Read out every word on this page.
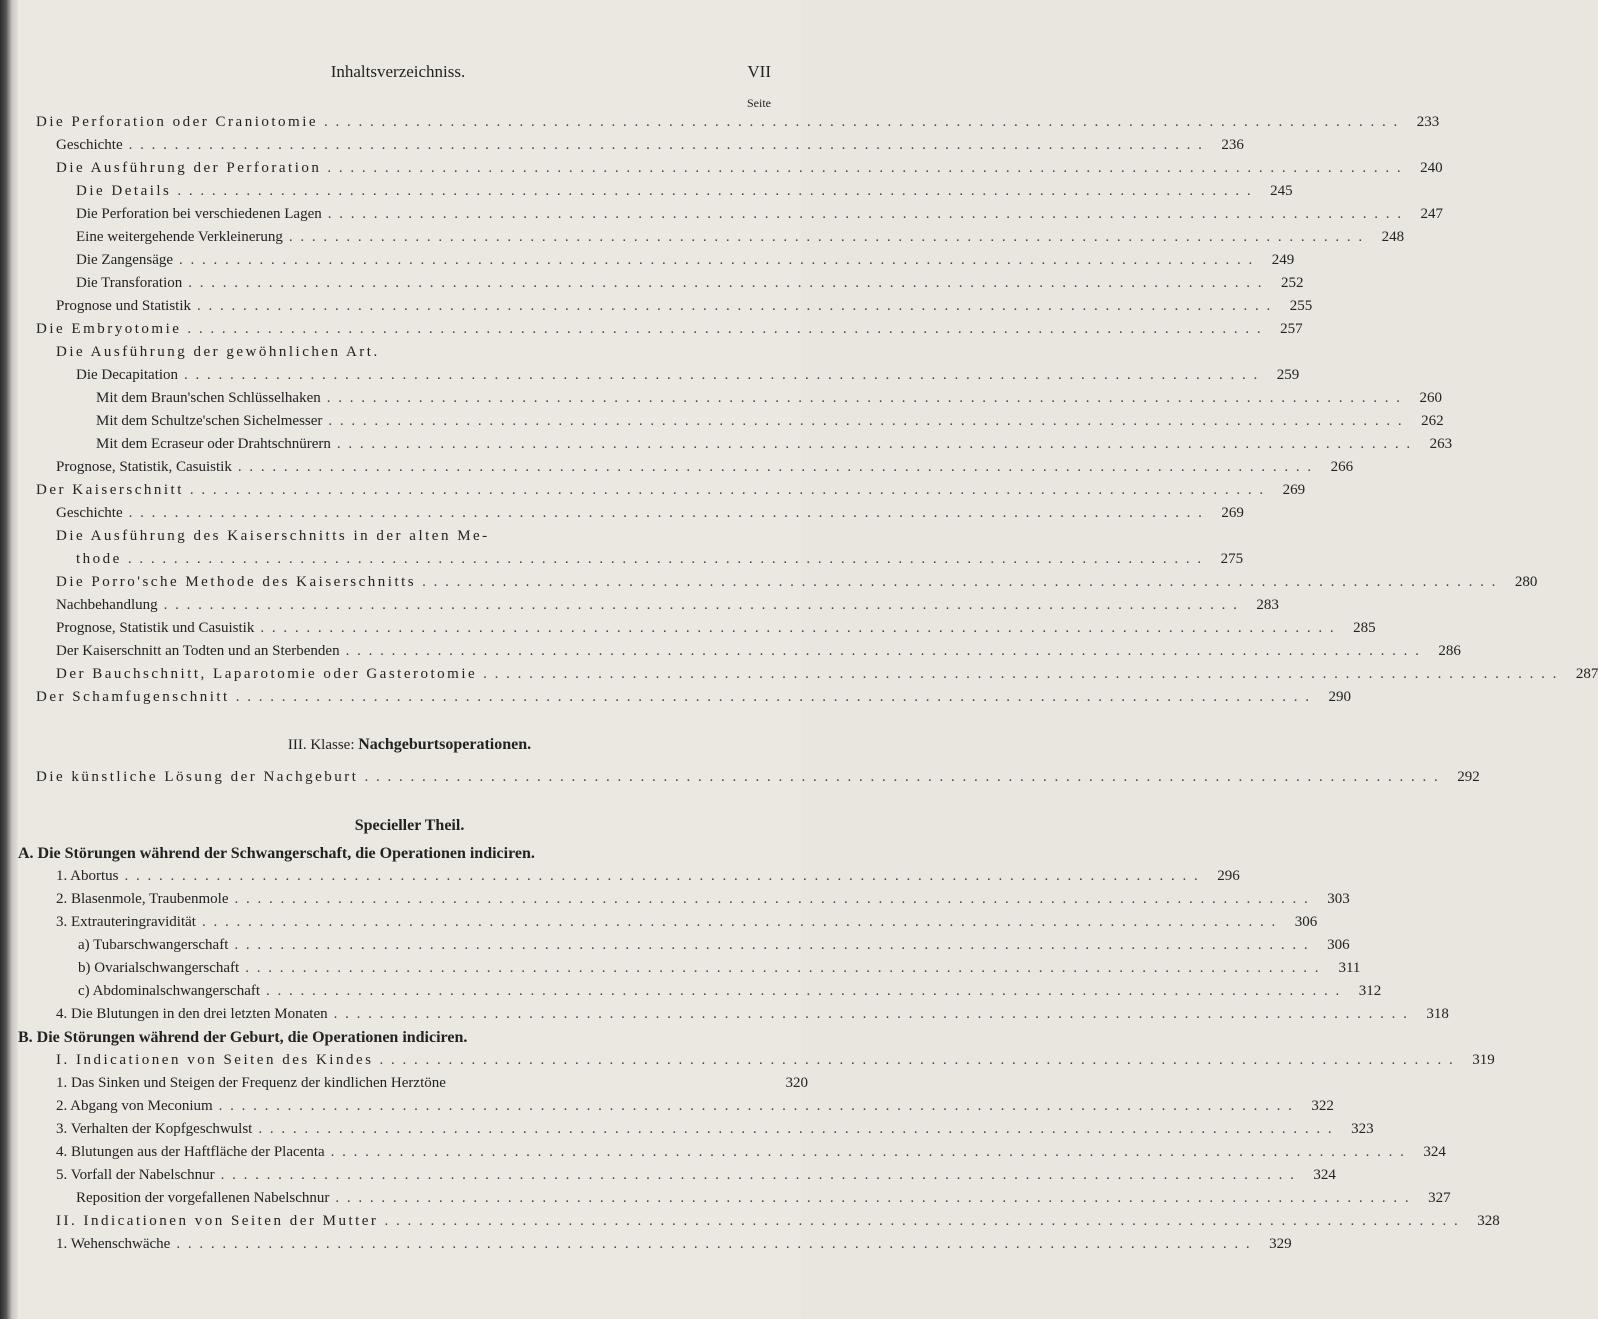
Inhaltsverzeichniss.	VII
Seite
Die Perforation oder Craniotomie . . .	233
Geschichte . . .	236
Die Ausführung der Perforation . . .	240
Die Details . . .	245
Die Perforation bei verschiedenen Lagen . . .	247
Eine weitergehende Verkleinerung . . .	248
Die Zangensäge . . .	249
Die Transforation . . .	252
Prognose und Statistik . . .	255
Die Embryotomie . . .	257
Die Ausführung der gewöhnlichen Art.
Die Decapitation . . .	259
Mit dem Braun'schen Schlüsselhaken . . .	260
Mit dem Schultze'schen Sichelmesser . . .	262
Mit dem Ecraseur oder Drahtschnürern . . .	263
Prognose, Statistik, Casuistik . . .	266
Der Kaiserschnitt . . .	269
Geschichte . . .	269
Die Ausführung des Kaiserschnitts in der alten Me-
thode . . .	275
Die Porro'sche Methode des Kaiserschnitts . . .	280
Nachbehandlung . . .	283
Prognose, Statistik und Casuistik . . .	285
Der Kaiserschnitt an Todten und an Sterbenden . . .	286
Der Bauchschnitt, Laparotomie oder Gasterotomie . . .	287
Der Schamfugenschnitt . . .	290
III. Klasse: Nachgeburtsoperationen.
Die künstliche Lösung der Nachgeburt . . .	292
Specieller Theil.
A. Die Störungen während der Schwangerschaft, die Operationen indiciren.
1. Abortus . . .	296
2. Blasenmole, Traubenmole . . .	303
3. Extrauteringravidität . . .	306
a) Tubarschwangerschaft . . .	306
b) Ovarialschwangerschaft . . .	311
c) Abdominalschwangerschaft . . .	312
4. Die Blutungen in den drei letzten Monaten . . .	318
B. Die Störungen während der Geburt, die Operationen indiciren.
I. Indicationen von Seiten des Kindes . . .	319
1. Das Sinken und Steigen der Frequenz der kindlichen Herztöne	320
2. Abgang von Meconium . . .	322
3. Verhalten der Kopfgeschwulst . . .	323
4. Blutungen aus der Haftfläche der Placenta . . .	324
5. Vorfall der Nabelschnur . . .	324
Reposition der vorgefallenen Nabelschnur . . .	327
II. Indicationen von Seiten der Mutter . . .	328
1. Wehenschwäche . . .	329
